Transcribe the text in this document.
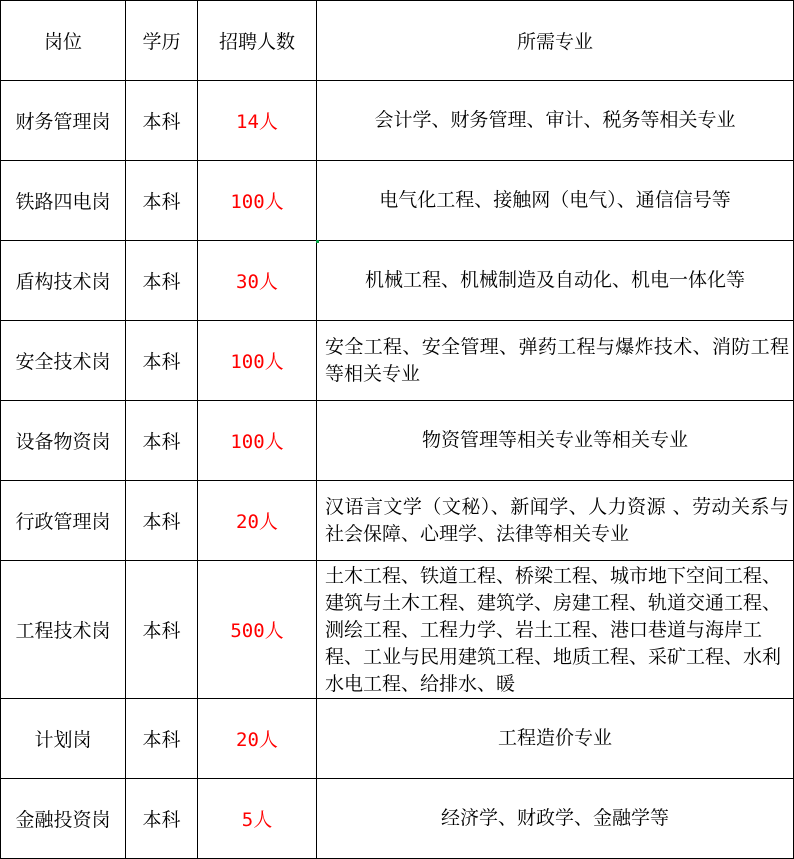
岗位	学历	招聘人数	所需专业
财务管理岗	本科	14人	会计学、财务管理、审计、税务等相关专业
铁路四电岗	本科	100人	电气化工程、接触网（电气）、通信信号等
盾构技术岗	本科	30人	机械工程、机械制造及自动化、机电一体化等
安全技术岗	本科	100人	安全工程、安全管理、弹药工程与爆炸技术、消防工程等相关专业
设备物资岗	本科	100人	物资管理等相关专业等相关专业
行政管理岗	本科	20人	汉语言文学（文秘）、新闻学、人力资源 、劳动关系与社会保障、心理学、法律等相关专业
工程技术岗	本科	500人	土木工程、铁道工程、桥梁工程、城市地下空间工程、建筑与土木工程、建筑学、房建工程、轨道交通工程、测绘工程、工程力学、岩土工程、港口巷道与海岸工程、工业与民用建筑工程、地质工程、采矿工程、水利水电工程、给排水、暖

计划岗	本科	20人	工程造价专业
金融投资岗	本科	5人	经济学、财政学、金融学等
